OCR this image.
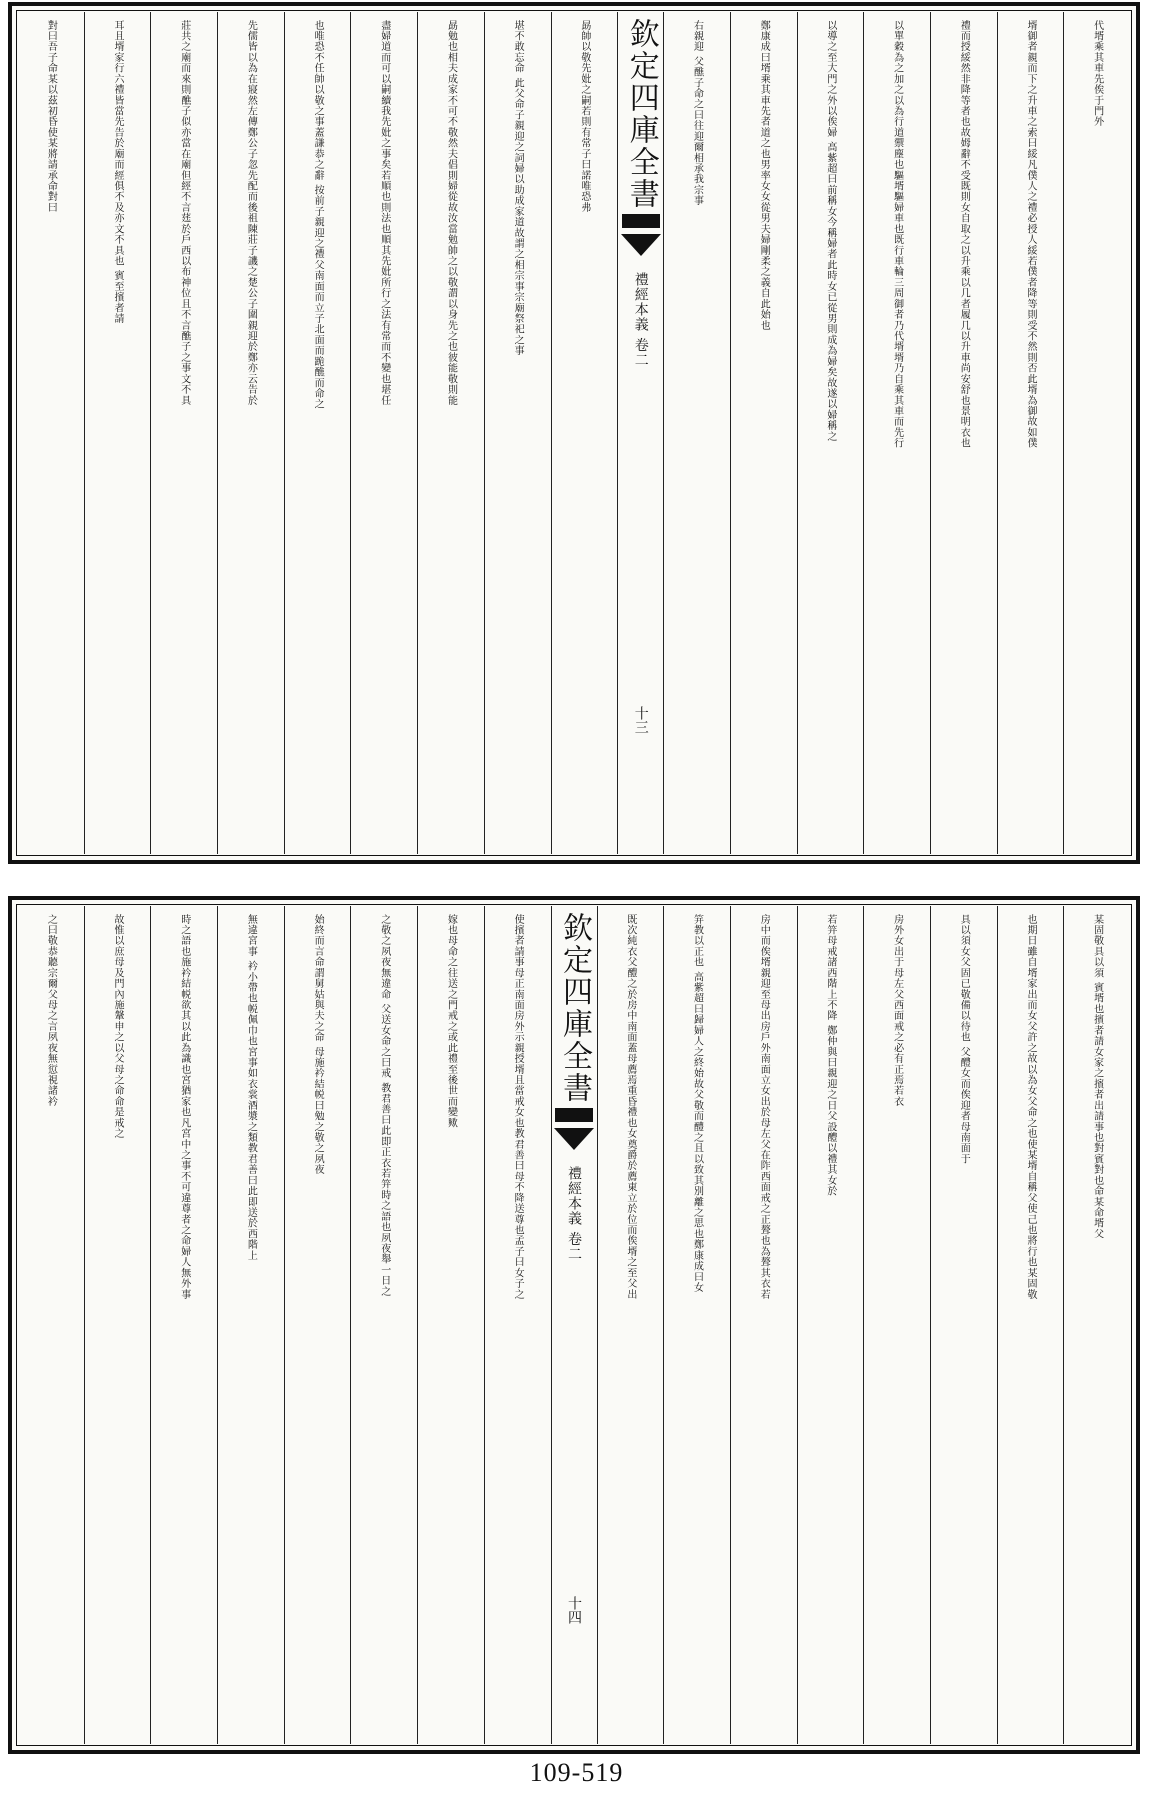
代壻乘其車先俟于門外
壻御者親而下之升車之索曰綏凡僕人之禮必授人綏若僕者降等則受不然則否此壻為御故如僕
禮而授綏然非降等者也故姆辭不受既則女自取之以升乘以几者履几以升車尚安舒也景明衣也
以單穀為之加之以為行道禦塵也驅壻驅婦車也既行車輪三周御者乃代壻壻乃自乘其車而先行
以導之至大門之外以俟婦 高紫超曰前稱女今稱婦者此時女已從男則成為婦矣故遂以婦稱之
鄭康成曰壻乘其車先者道之也男率女女從男夫婦剛柔之義自此始也
右親迎 父醮子命之曰往迎爾相承我宗事
欽定四庫全書
禮經本義 卷二
十三
勗帥以敬先妣之嗣若則有常子曰諾唯恐弗
堪不敢忘命 此父命子親迎之詞婦以助成家道故謂之相宗事宗廟祭祀之事
勗勉也相夫成家不可不敬然夫倡則婦從故汝當勉帥之以敬謂以身先之也彼能敬則能
盡婦道而可以嗣續我先妣之事矣若順也則法也順其先妣所行之法有常而不變也堪任
也唯恐不任帥以敬之事蓋謙恭之辭 按前子親迎之禮父南面而立子北面而跪醮而命之
先儒皆以為在寢然左傳鄭公子忽先配而後祖陳莊子譏之楚公子圍親迎於鄭亦云告於
莊共之廟而來則醮子似亦當在廟但經不言莛於戶西以布神位且不言醮子之事文不具
耳且壻家行六禮皆當先告於廟而經俱不及亦文不具也 賓至擯者請
對曰吾子命某以茲初昏使某將請承命對曰
某固敬具以須 賓壻也擯者請女家之擯者出請事也對賓對也命某命壻父
也期日雖自壻家出而女父許之故以為女父命之也使某壻自稱父使己也將行也某固敬
具以須女父固已敬備以待也 父醴女而俟迎者母南面于
房外女出于母左父西面戒之必有正焉若衣
若笄母戒諸西階上不降 鄭仲與曰親迎之日父設醴以禮其女於
房中而俟壻親迎至母出房戶外南面立女出於母左父在阼西面戒之正聱也為聱其衣若
笄教以正也 高紫超曰歸婦人之終始故父敬而醴之且以致其別離之思也鄭康成曰女
既次純衣父醴之於房中南面蓋母薦焉重昏禮也女奠爵於薦東立於位而俟壻之至父出
欽定四庫全書
禮經本義 卷二
十四
使擯者請事母正南面房外示親授壻且當戒女也教君善曰母不降送尊也孟子曰女子之
嫁也母命之往送之門戒之或此禮至後世而變歟
之敬之夙夜無違命 父送女命之曰戒 教君善曰此即正衣若笄時之語也夙夜舉一日之
始終而言命謂舅姑與夫之命 母施衿結帨曰勉之敬之夙夜
無違宮事 衿小帶也帨佩巾也宮事如衣裳酒漿之類教君善曰此即送於西階上
時之語也施衿結帨欲其以此為識也宮猶家也凡宮中之事不可違尊者之命婦人無外事
故惟以庶母及門內施鞶申之以父母之命命是戒之
之曰敬恭聽宗爾父母之言夙夜無愆視諸衿
109-519
